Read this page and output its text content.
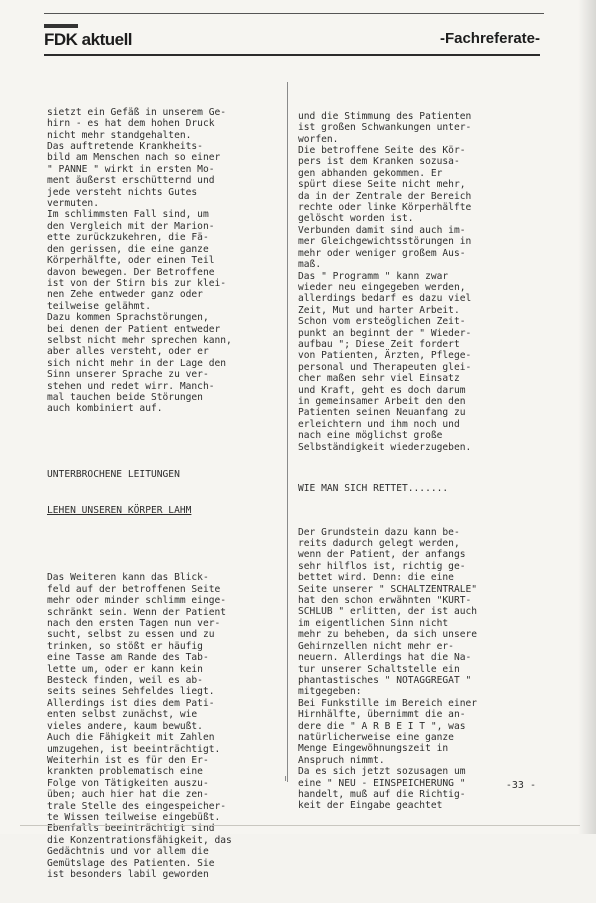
FDK aktuell	-Fachreferate-

sietzt ein Gefäß in unserem Ge-
hirn - es hat dem hohen Druck
nicht mehr standgehalten.
Das auftretende Krankheits-
bild am Menschen nach so einer
" PANNE " wirkt in ersten Mo-
ment äußerst erschütternd und
jede versteht nichts Gutes
vermuten.
Im schlimmsten Fall sind, um
den Vergleich mit der Marion-
ette zurückzukehren, die Fä-
den gerissen, die eine ganze
Körperhälfte, oder einen Teil
davon bewegen. Der Betroffene
ist von der Stirn bis zur klei-
nen Zehe entweder ganz oder
teilweise gelähmt.
Dazu kommen Sprachstörungen,
bei denen der Patient entweder
selbst nicht mehr sprechen kann,
aber alles versteht, oder er
sich nicht mehr in der Lage den
Sinn unserer Sprache zu ver-
stehen und redet wirr. Manch-
mal tauchen beide Störungen
auch kombiniert auf.

UNTERBROCHENE LEITUNGEN

LEHEN UNSEREN KÖRPER LAHM

Das Weiteren kann das Blick-
feld auf der betroffenen Seite
mehr oder minder schlimm einge-
schränkt sein. Wenn der Patient
nach den ersten Tagen nun ver-
sucht, selbst zu essen und zu
trinken, so stößt er häufig
eine Tasse am Rande des Tab-
lette um, oder er kann kein
Besteck finden, weil es ab-
seits seines Sehfeldes liegt.
Allerdings ist dies dem Pati-
enten selbst zunächst, wie
vieles andere, kaum bewußt.
Auch die Fähigkeit mit Zahlen
umzugehen, ist beeinträchtigt.
Weiterhin ist es für den Er-
krankten problematisch eine
Folge von Tätigkeiten auszu-
üben; auch hier hat die zen-
trale Stelle des eingespeicher-
te Wissen teilweise eingebüßt.
Ebenfalls beeinträchtigt sind
die Konzentrationsfähigkeit, das
Gedächtnis und vor allem die
Gemütslage des Patienten. Sie
ist besonders labil geworden

und die Stimmung des Patienten
ist großen Schwankungen unter-
worfen.
Die betroffene Seite des Kör-
pers ist dem Kranken sozusa-
gen abhanden gekommen. Er
spürt diese Seite nicht mehr,
da in der Zentrale der Bereich
rechte oder linke Körperhälfte
gelöscht worden ist.
Verbunden damit sind auch im-
mer Gleichgewichtsstörungen in
mehr oder weniger großem Aus-
maß.
Das " Programm " kann zwar
wieder neu eingegeben werden,
allerdings bedarf es dazu viel
Zeit, Mut und harter Arbeit.
Schon vom ersteöglichen Zeit-
punkt an beginnt der " Wieder-
aufbau "; Diese Zeit fordert
von Patienten, Ärzten, Pflege-
personal und Therapeuten glei-
cher maßen sehr viel Einsatz
und Kraft, geht es doch darum
in gemeinsamer Arbeit den den
Patienten seinen Neuanfang zu
erleichtern und ihm noch und
nach eine möglichst große
Selbständigkeit wiederzugeben.

WIE MAN SICH RETTET.......

Der Grundstein dazu kann be-
reits dadurch gelegt werden,
wenn der Patient, der anfangs
sehr hilflos ist, richtig ge-
bettet wird. Denn: die eine
Seite unserer " SCHALTZENTRALE"
hat den schon erwähnten "KURT-
SCHLUB " erlitten, der ist auch
im eigentlichen Sinn nicht
mehr zu beheben, da sich unsere
Gehirnzellen nicht mehr er-
neuern. Allerdings hat die Na-
tur unserer Schaltstelle ein
phantastisches " NOTAGGREGAT "
mitgegeben:
Bei Funkstille im Bereich einer
Hirnhälfte, übernimmt die an-
dere die " A R B E I T ", was
natürlicherweise eine ganze
Menge Eingewöhnungszeit in
Anspruch nimmt.
Da es sich jetzt sozusagen um
eine " NEU - EINSPEICHERUNG "
handelt, muß auf die Richtig-
keit der Eingabe geachtet

-33 -
